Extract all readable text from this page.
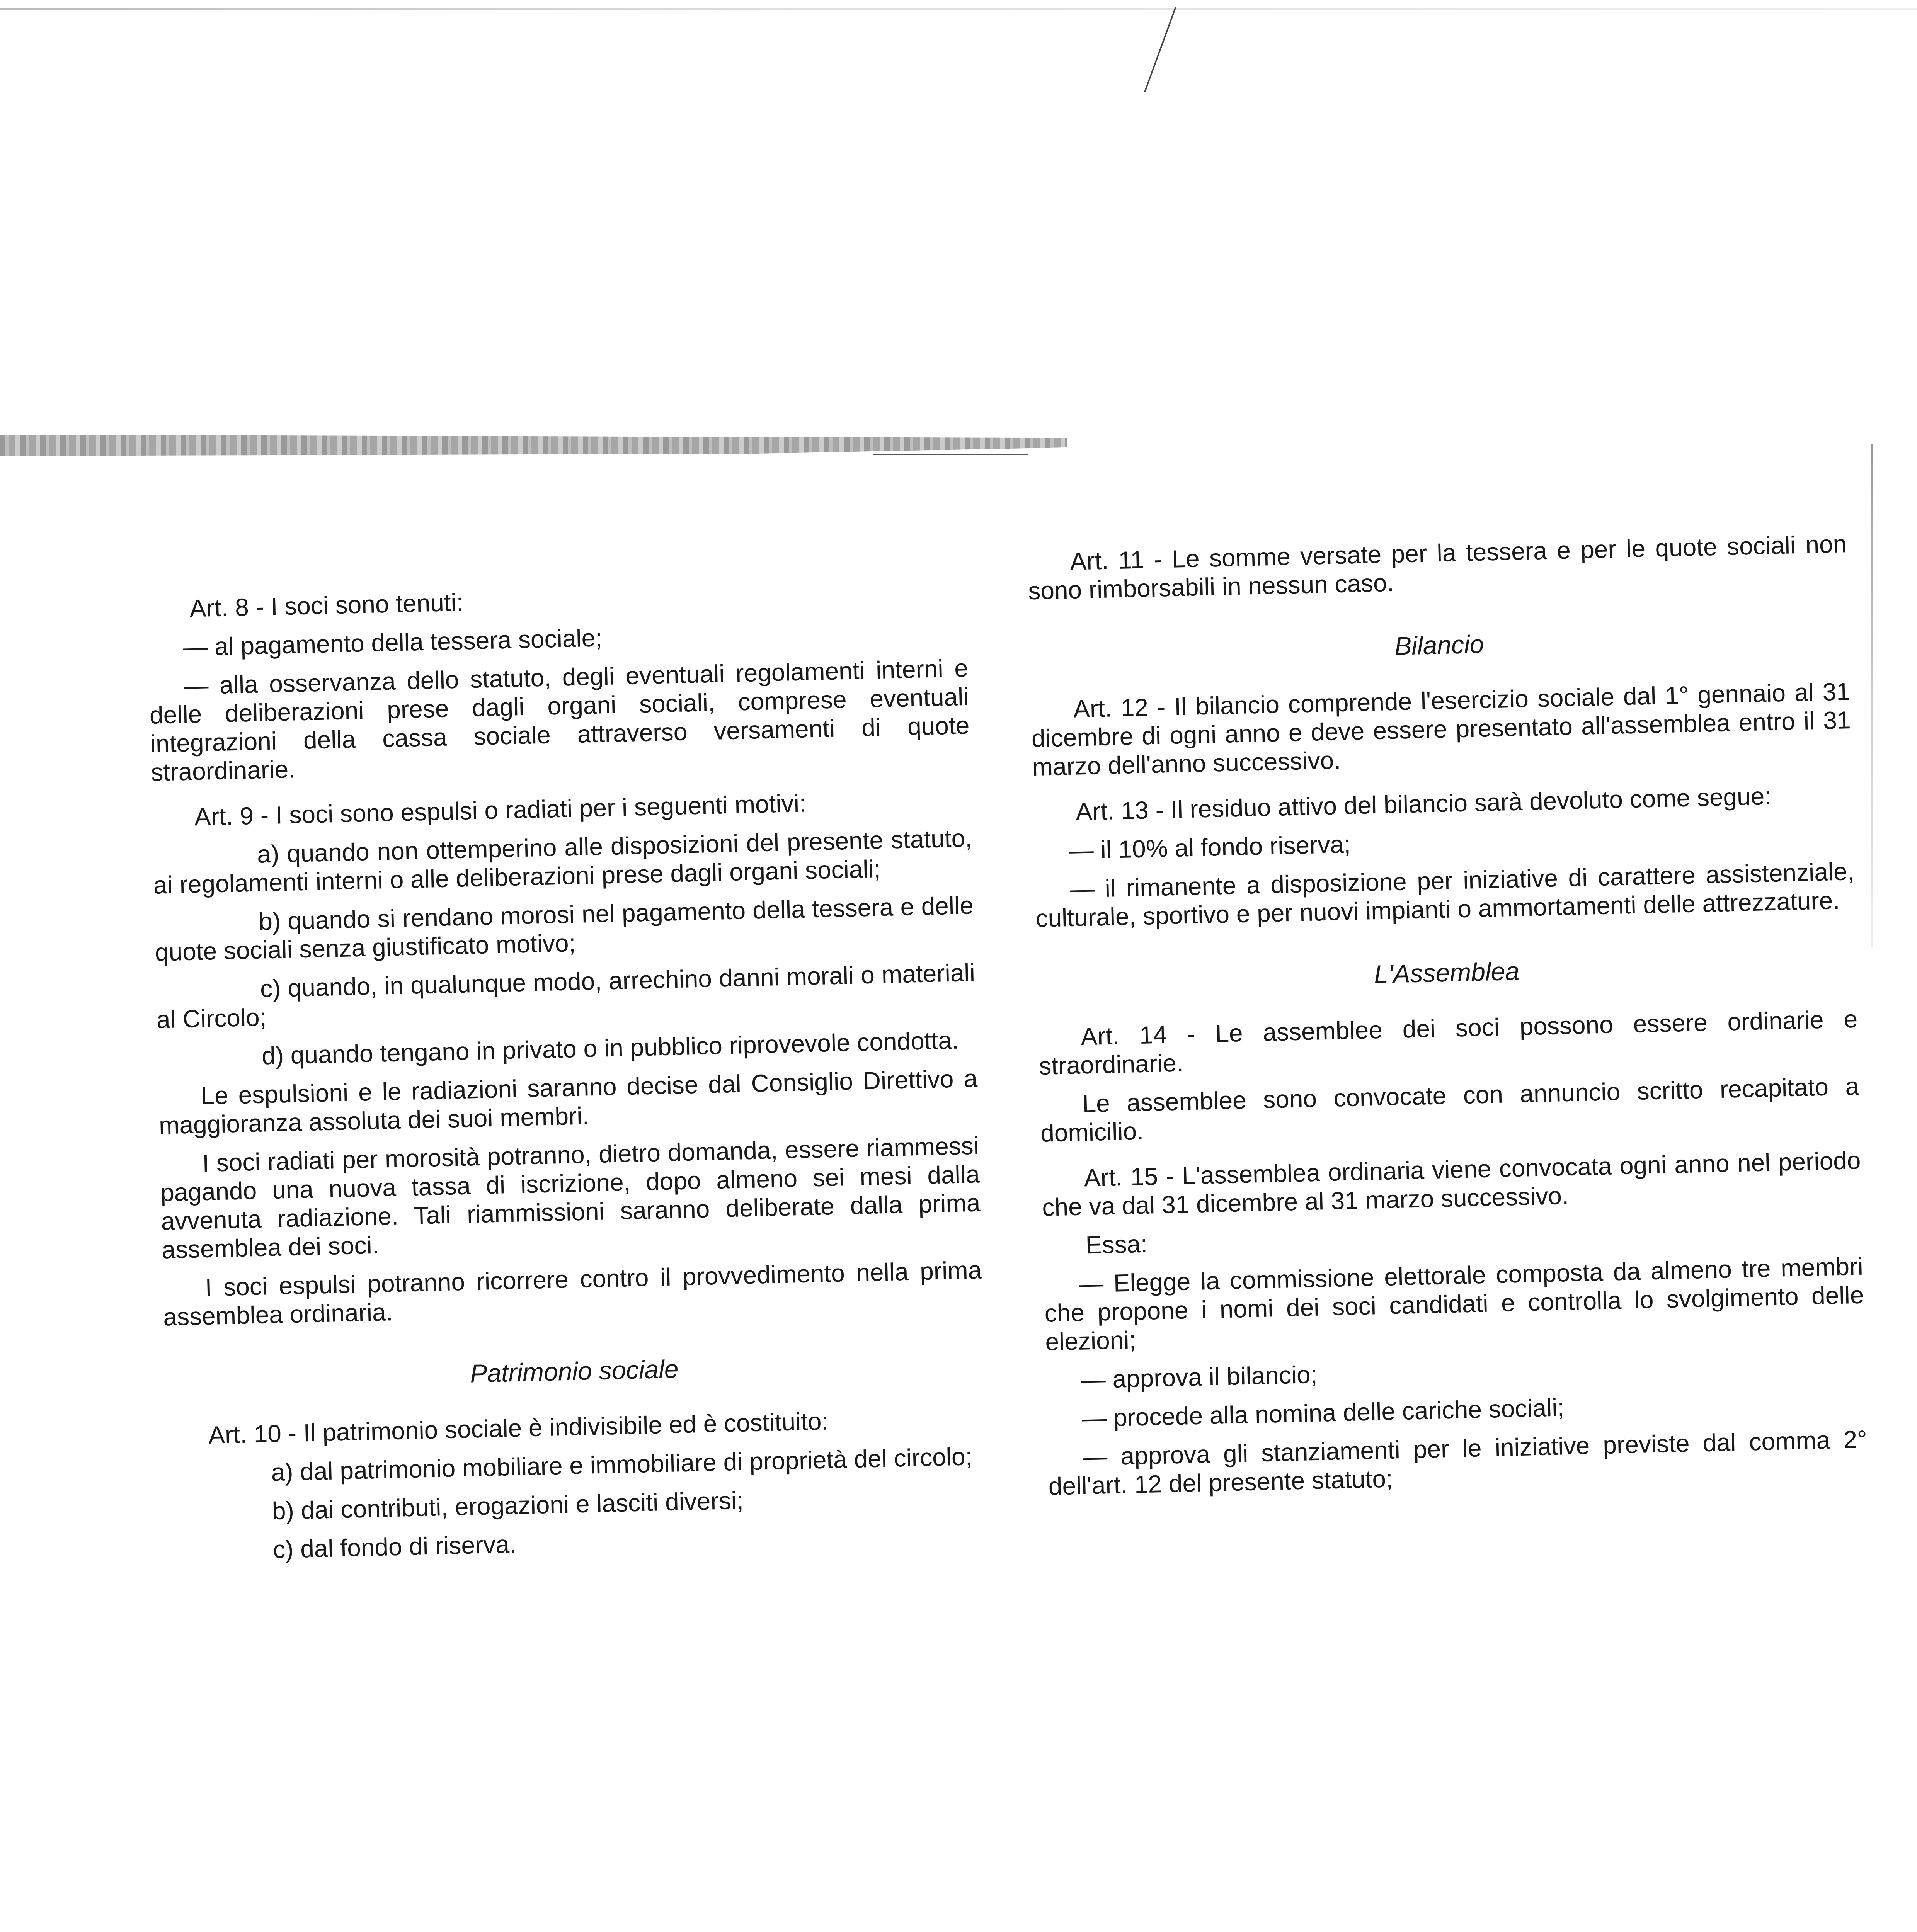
Art. 8 - I soci sono tenuti:

— al pagamento della tessera sociale;

— alla osservanza dello statuto, degli eventuali regolamenti interni e delle deliberazioni prese dagli organi sociali, comprese eventuali integrazioni della cassa sociale attraverso versamenti di quote straordinarie.

Art. 9 - I soci sono espulsi o radiati per i seguenti motivi:

a) quando non ottemperino alle disposizioni del presente statuto, ai regolamenti interni o alle deliberazioni prese dagli organi sociali;

b) quando si rendano morosi nel pagamento della tessera e delle quote sociali senza giustificato motivo;

c) quando, in qualunque modo, arrechino danni morali o materiali al Circolo;

d) quando tengano in privato o in pubblico riprovevole condotta.

Le espulsioni e le radiazioni saranno decise dal Consiglio Direttivo a maggioranza assoluta dei suoi membri.

I soci radiati per morosità potranno, dietro domanda, essere riammessi pagando una nuova tassa di iscrizione, dopo almeno sei mesi dalla avvenuta radiazione. Tali riammissioni saranno deliberate dalla prima assemblea dei soci.

I soci espulsi potranno ricorrere contro il provvedimento nella prima assemblea ordinaria.

Patrimonio sociale

Art. 10 - Il patrimonio sociale è indivisibile ed è costituito:

a) dal patrimonio mobiliare e immobiliare di proprietà del circolo;

b) dai contributi, erogazioni e lasciti diversi;

c) dal fondo di riserva.

Art. 11 - Le somme versate per la tessera e per le quote sociali non sono rimborsabili in nessun caso.

Bilancio

Art. 12 - Il bilancio comprende l'esercizio sociale dal 1° gennaio al 31 dicembre di ogni anno e deve essere presentato all'assemblea entro il 31 marzo dell'anno successivo.

Art. 13 - Il residuo attivo del bilancio sarà devoluto come segue:

— il 10% al fondo riserva;

— il rimanente a disposizione per iniziative di carattere assistenziale, culturale, sportivo e per nuovi impianti o ammortamenti delle attrezzature.

L'Assemblea

Art. 14 - Le assemblee dei soci possono essere ordinarie e straordinarie.

Le assemblee sono convocate con annuncio scritto recapitato a domicilio.

Art. 15 - L'assemblea ordinaria viene convocata ogni anno nel periodo che va dal 31 dicembre al 31 marzo successivo.

Essa:

— Elegge la commissione elettorale composta da almeno tre membri che propone i nomi dei soci candidati e controlla lo svolgimento delle elezioni;

— approva il bilancio;

— procede alla nomina delle cariche sociali;

— approva gli stanziamenti per le iniziative previste dal comma 2° dell'art. 12 del presente statuto;
